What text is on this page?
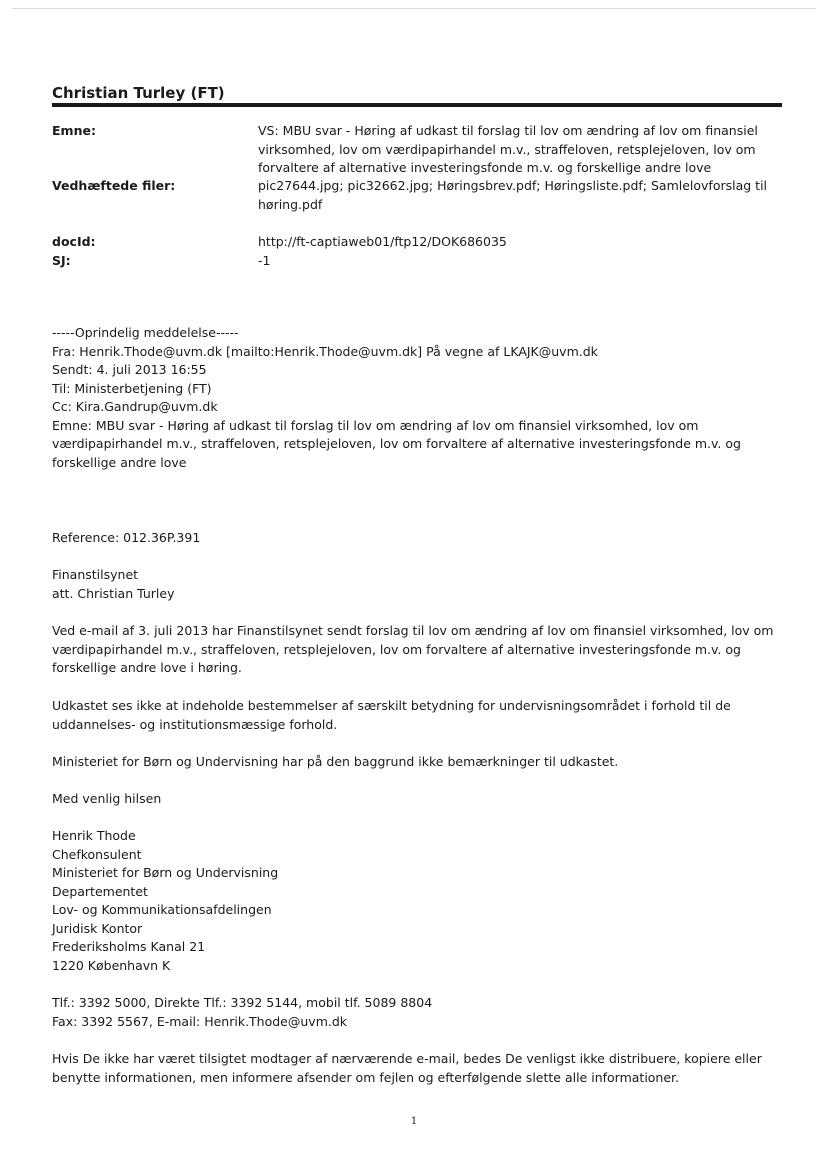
Christian Turley (FT)
Emne:	VS: MBU svar - Høring af udkast til forslag til lov om ændring af lov om finansiel
virksomhed, lov om værdipapirhandel m.v., straffeloven, retsplejeloven, lov om
forvaltere af alternative investeringsfonde m.v. og forskellige andre love
Vedhæftede filer:	pic27644.jpg; pic32662.jpg; Høringsbrev.pdf; Høringsliste.pdf; Samlelovforslag til
høring.pdf
docId:	http://ft-captiaweb01/ftp12/DOK686035
SJ:	-1
-----Oprindelig meddelelse-----
Fra: Henrik.Thode@uvm.dk [mailto:Henrik.Thode@uvm.dk] På vegne af LKAJK@uvm.dk
Sendt: 4. juli 2013 16:55
Til: Ministerbetjening (FT)
Cc: Kira.Gandrup@uvm.dk
Emne: MBU svar - Høring af udkast til forslag til lov om ændring af lov om finansiel virksomhed, lov om
værdipapirhandel m.v., straffeloven, retsplejeloven, lov om forvaltere af alternative investeringsfonde m.v. og
forskellige andre love
Reference: 012.36P.391
Finanstilsynet
att. Christian Turley
Ved e-mail af 3. juli 2013 har Finanstilsynet sendt forslag til lov om ændring af lov om finansiel virksomhed, lov om
værdipapirhandel m.v., straffeloven, retsplejeloven, lov om forvaltere af alternative investeringsfonde m.v. og
forskellige andre love i høring.
Udkastet ses ikke at indeholde bestemmelser af særskilt betydning for undervisningsområdet i forhold til de
uddannelses- og institutionsmæssige forhold.
Ministeriet for Børn og Undervisning har på den baggrund ikke bemærkninger til udkastet.
Med venlig hilsen
Henrik Thode
Chefkonsulent
Ministeriet for Børn og Undervisning
Departementet
Lov- og Kommunikationsafdelingen
Juridisk Kontor
Frederiksholms Kanal 21
1220 København K
Tlf.: 3392 5000, Direkte Tlf.: 3392 5144, mobil tlf. 5089 8804
Fax: 3392 5567, E-mail: Henrik.Thode@uvm.dk
Hvis De ikke har været tilsigtet modtager af nærværende e-mail, bedes De venligst ikke distribuere, kopiere eller
benytte informationen, men informere afsender om fejlen og efterfølgende slette alle informationer.
1
